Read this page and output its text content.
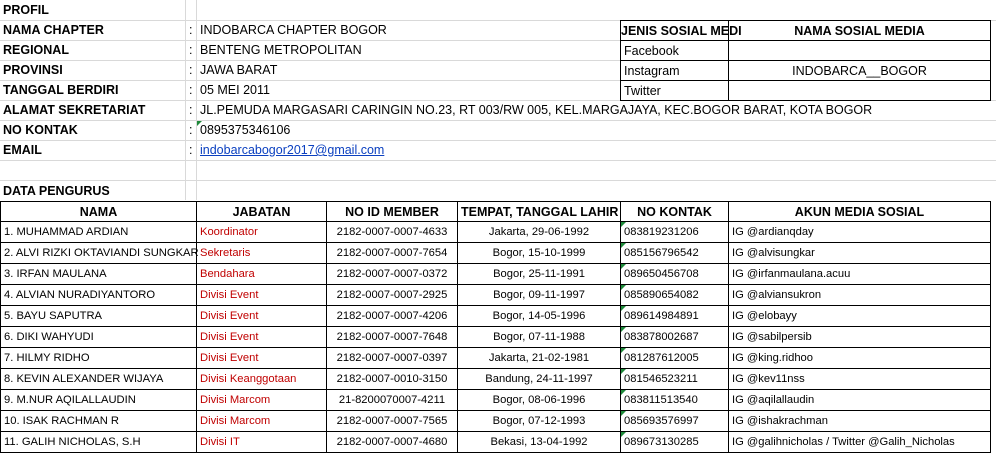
PROFIL
NAMA CHAPTER	: INDOBARCA CHAPTER BOGOR
REGIONAL	: BENTENG METROPOLITAN
PROVINSI	: JAWA BARAT
TANGGAL BERDIRI	: 05 MEI 2011
ALAMAT SEKRETARIAT	: JL.PEMUDA MARGASARI CARINGIN NO.23, RT 003/RW 005, KEL.MARGAJAYA, KEC.BOGOR BARAT, KOTA BOGOR
NO KONTAK	: 0895375346106
EMAIL	: indobarcabogor2017@gmail.com
JENIS SOSIAL MEDI	NAMA SOSIAL MEDIA
Facebook	
Instagram	INDOBARCA__BOGOR
Twitter	
DATA PENGURUS
NAMA	JABATAN	NO ID MEMBER	TEMPAT, TANGGAL LAHIR	NO KONTAK	AKUN MEDIA SOSIAL
1. MUHAMMAD ARDIAN	Koordinator	2182-0007-0007-4633	Jakarta, 29-06-1992	083819231206	IG @ardianqday
2. ALVI RIZKI OKTAVIANDI SUNGKAR	Sekretaris	2182-0007-0007-7654	Bogor, 15-10-1999	085156796542	IG @alvisungkar
3. IRFAN MAULANA	Bendahara	2182-0007-0007-0372	Bogor, 25-11-1991	089650456708	IG @irfanmaulana.acuu
4. ALVIAN NURADIYANTORO	Divisi Event	2182-0007-0007-2925	Bogor, 09-11-1997	085890654082	IG @alviansukron
5. BAYU SAPUTRA	Divisi Event	2182-0007-0007-4206	Bogor, 14-05-1996	089614984891	IG @elobayy
6. DIKI WAHYUDI	Divisi Event	2182-0007-0007-7648	Bogor, 07-11-1988	083878002687	IG @sabilpersib
7. HILMY RIDHO	Divisi Event	2182-0007-0007-0397	Jakarta, 21-02-1981	081287612005	IG @king.ridhoo
8. KEVIN ALEXANDER WIJAYA	Divisi Keanggotaan	2182-0007-0010-3150	Bandung, 24-11-1997	081546523211	IG @kev11nss
9. M.NUR AQILALLAUDIN	Divisi Marcom	21-8200070007-4211	Bogor, 08-06-1996	083811513540	IG @aqilallaudin
10. ISAK RACHMAN R	Divisi Marcom	2182-0007-0007-7565	Bogor, 07-12-1993	085693576997	IG @ishakrachman
11. GALIH NICHOLAS, S.H	Divisi IT	2182-0007-0007-4680	Bekasi, 13-04-1992	089673130285	IG @galihnicholas / Twitter @Galih_Nicholas
